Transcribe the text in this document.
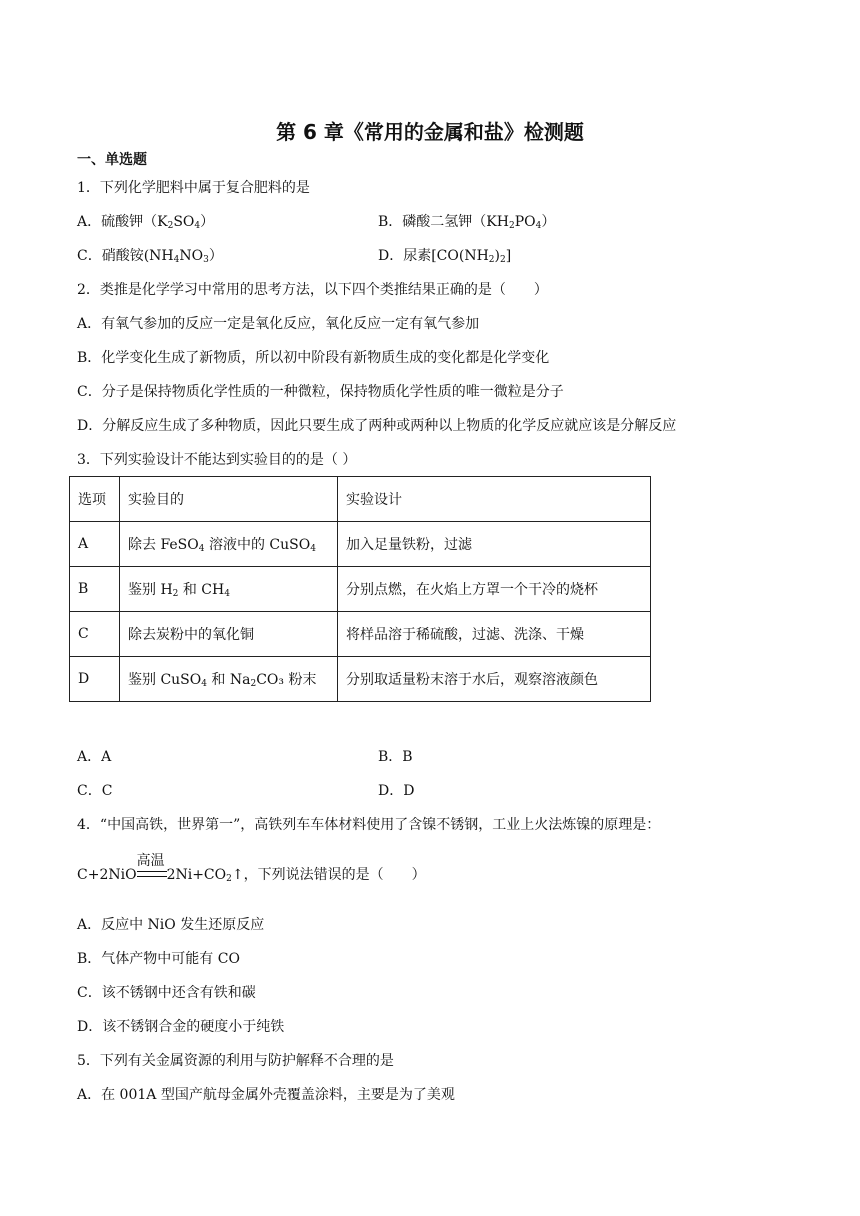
第 6 章《常用的金属和盐》检测题
一、单选题
1．下列化学肥料中属于复合肥料的是
A．硫酸钾$(K_2SO_4)$	B．磷酸二氢钾$(KH_2PO_4)$
C．硝酸铵$(NH_4NO_3)$	D．尿素$[CO(NH_2)_2]$
2．类推是化学学习中常用的思考方法，以下四个类推结果正确的是（　　）
A．有氧气参加的反应一定是氧化反应，氧化反应一定有氧气参加
B．化学变化生成了新物质，所以初中阶段有新物质生成的变化都是化学变化
C．分子是保持物质化学性质的一种微粒，保持物质化学性质的唯一微粒是分子
D．分解反应生成了多种物质，因此只要生成了两种或两种以上物质的化学反应就应该是分解反应
3．下列实验设计不能达到实验目的的是（ ）
选项	实验目的	实验设计
A	除去 FeSO$_4$ 溶液中的 CuSO$_4$	加入足量铁粉，过滤
B	鉴别 $H_2$ 和 $CH_4$	分别点燃，在火焰上方罩一个干冷的烧杯
C	除去炭粉中的氧化铜	将样品溶于稀硫酸，过滤、洗涤、干燥
D	鉴别 CuSO$_4$ 和 $Na_2CO_3$ 粉末	分别取适量粉末溶于水后，观察溶液颜色
A．A	B．B
C．C	D．D
4．“中国高铁，世界第一”，高铁列车车体材料使用了含镍不锈钢，工业上火法炼镍的原理是：
C+2NiO
高温
$2Ni+CO_2↑$，下列说法错误的是（　　）
A．反应中 NiO 发生还原反应
B．气体产物中可能有 CO
C．该不锈钢中还含有铁和碳
D．该不锈钢合金的硬度小于纯铁
5．下列有关金属资源的利用与防护解释不合理的是
A．在 001A 型国产航母金属外壳覆盖涂料，主要是为了美观
